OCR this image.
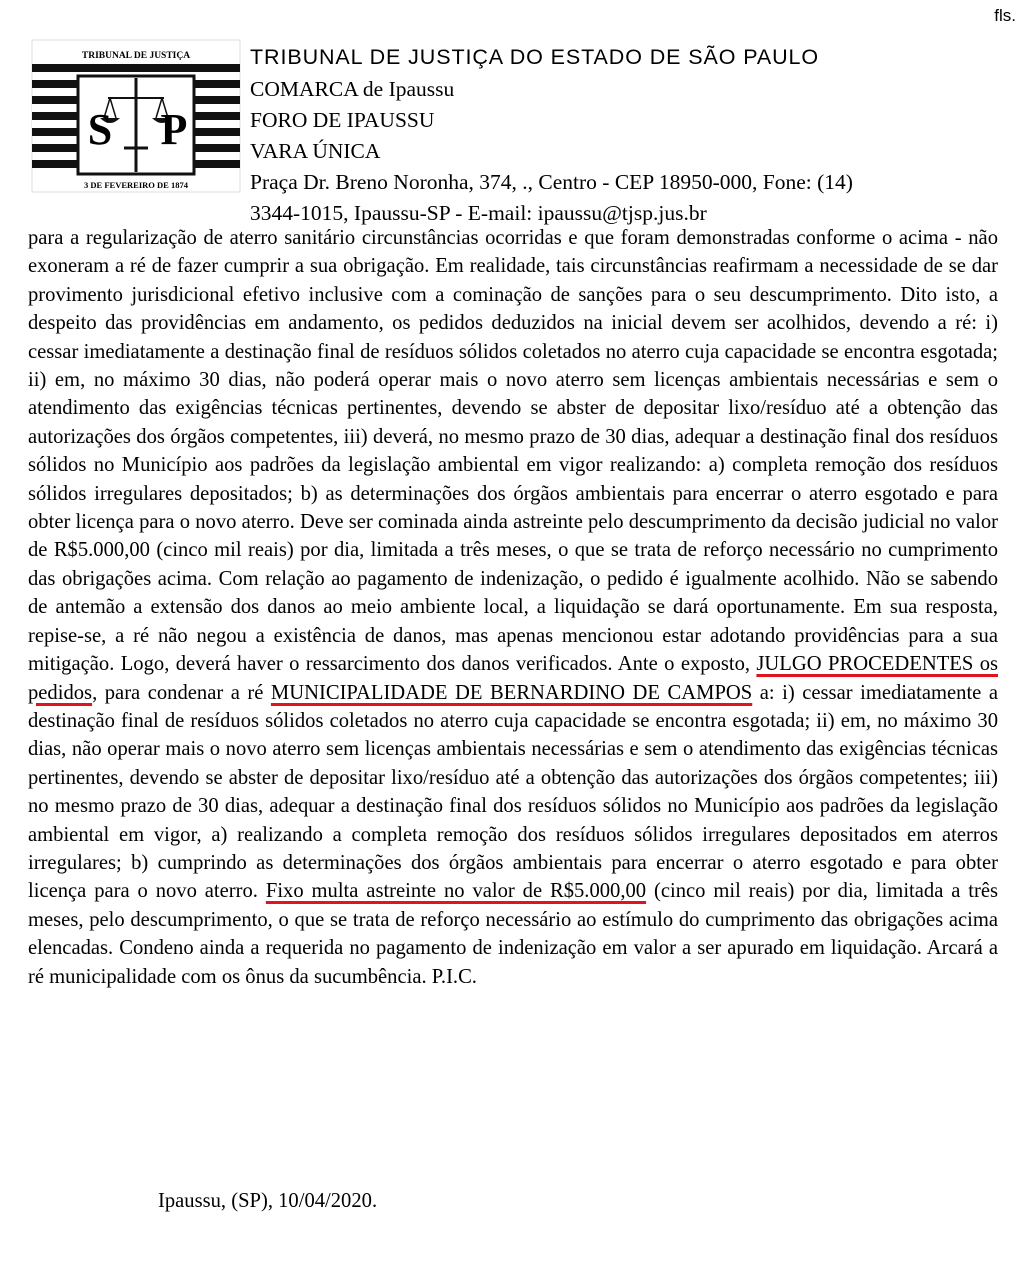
fls.
TRIBUNAL DE JUSTIÇA
S P
3 DE FEVEREIRO DE 1874
TRIBUNAL DE JUSTIÇA DO ESTADO DE SÃO PAULO
COMARCA de Ipaussu
FORO DE IPAUSSU
VARA ÚNICA
Praça Dr. Breno Noronha, 374, ., Centro - CEP 18950-000, Fone: (14)
3344-1015, Ipaussu-SP - E-mail: ipaussu@tjsp.jus.br
para a regularização de aterro sanitário circunstâncias ocorridas e que foram demonstradas conforme o acima - não exoneram a ré de fazer cumprir a sua obrigação. Em realidade, tais circunstâncias reafirmam a necessidade de se dar provimento jurisdicional efetivo inclusive com a cominação de sanções para o seu descumprimento. Dito isto, a despeito das providências em andamento, os pedidos deduzidos na inicial devem ser acolhidos, devendo a ré: i) cessar imediatamente a destinação final de resíduos sólidos coletados no aterro cuja capacidade se encontra esgotada; ii) em, no máximo 30 dias, não poderá operar mais o novo aterro sem licenças ambientais necessárias e sem o atendimento das exigências técnicas pertinentes, devendo se abster de depositar lixo/resíduo até a obtenção das autorizações dos órgãos competentes, iii) deverá, no mesmo prazo de 30 dias, adequar a destinação final dos resíduos sólidos no Município aos padrões da legislação ambiental em vigor realizando: a) completa remoção dos resíduos sólidos irregulares depositados; b) as determinações dos órgãos ambientais para encerrar o aterro esgotado e para obter licença para o novo aterro. Deve ser cominada ainda astreinte pelo descumprimento da decisão judicial no valor de R$5.000,00 (cinco mil reais) por dia, limitada a três meses, o que se trata de reforço necessário no cumprimento das obrigações acima. Com relação ao pagamento de indenização, o pedido é igualmente acolhido. Não se sabendo de antemão a extensão dos danos ao meio ambiente local, a liquidação se dará oportunamente. Em sua resposta, repise-se, a ré não negou a existência de danos, mas apenas mencionou estar adotando providências para a sua mitigação. Logo, deverá haver o ressarcimento dos danos verificados. Ante o exposto, JULGO PROCEDENTES os pedidos, para condenar a ré MUNICIPALIDADE DE BERNARDINO DE CAMPOS a: i) cessar imediatamente a destinação final de resíduos sólidos coletados no aterro cuja capacidade se encontra esgotada; ii) em, no máximo 30 dias, não operar mais o novo aterro sem licenças ambientais necessárias e sem o atendimento das exigências técnicas pertinentes, devendo se abster de depositar lixo/resíduo até a obtenção das autorizações dos órgãos competentes; iii) no mesmo prazo de 30 dias, adequar a destinação final dos resíduos sólidos no Município aos padrões da legislação ambiental em vigor, a) realizando a completa remoção dos resíduos sólidos irregulares depositados em aterros irregulares; b) cumprindo as determinações dos órgãos ambientais para encerrar o aterro esgotado e para obter licença para o novo aterro. Fixo multa astreinte no valor de R$5.000,00 (cinco mil reais) por dia, limitada a três meses, pelo descumprimento, o que se trata de reforço necessário ao estímulo do cumprimento das obrigações acima elencadas. Condeno ainda a requerida no pagamento de indenização em valor a ser apurado em liquidação. Arcará a ré municipalidade com os ônus da sucumbência. P.I.C.
Ipaussu, (SP), 10/04/2020.
